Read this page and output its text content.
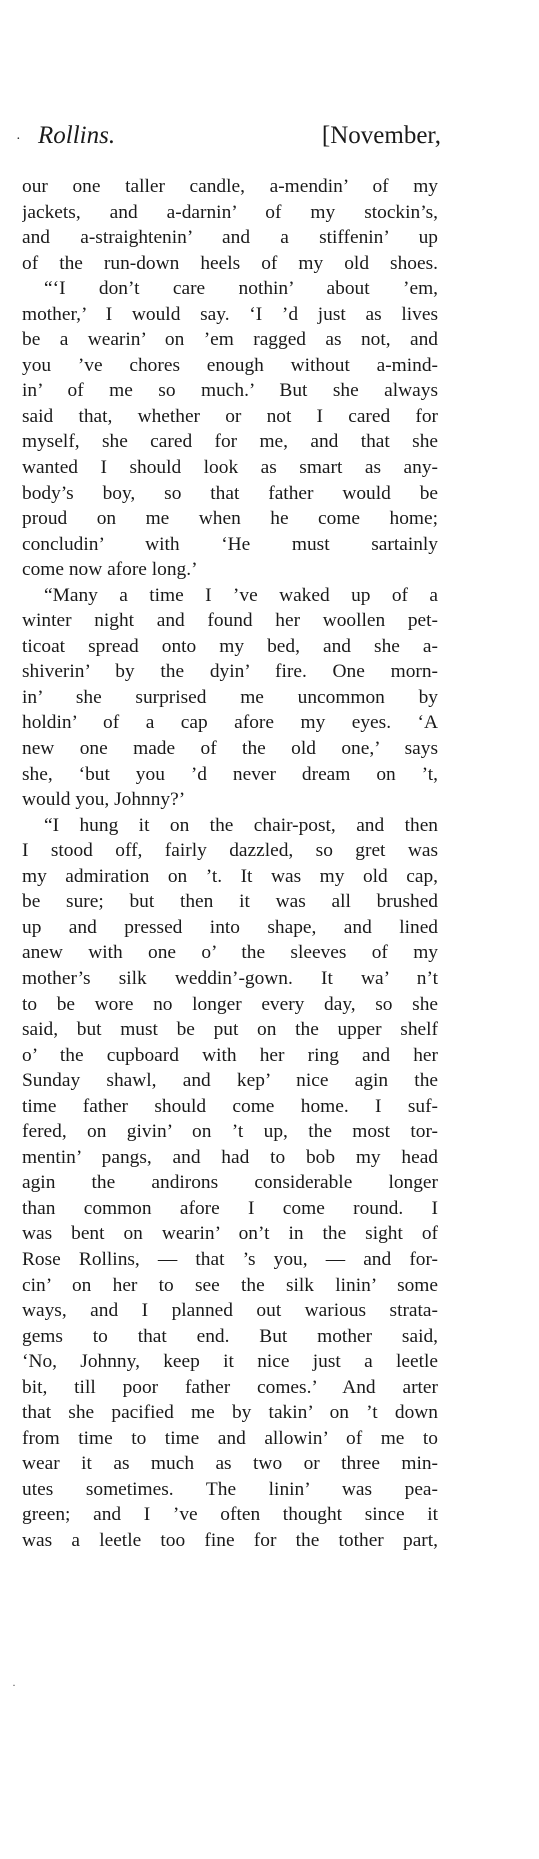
· Rollins.	[November,
our one taller candle, a-mendin’ of my
jackets, and a-darnin’ of my stockin’s,
and a-straightenin’ and a stiffenin’ up
of the run-down heels of my old shoes.
“‘I don’t care nothin’ about ’em,
mother,’ I would say. ‘I ’d just as lives
be a wearin’ on ’em ragged as not, and
you ’ve chores enough without a-mind-
in’ of me so much.’ But she always
said that, whether or not I cared for
myself, she cared for me, and that she
wanted I should look as smart as any-
body’s boy, so that father would be
proud on me when he come home;
concludin’ with ‘He must sartainly
come now afore long.’
“Many a time I ’ve waked up of a
winter night and found her woollen pet-
ticoat spread onto my bed, and she a-
shiverin’ by the dyin’ fire. One morn-
in’ she surprised me uncommon by
holdin’ of a cap afore my eyes. ‘A
new one made of the old one,’ says
she, ‘but you ’d never dream on ’t,
would you, Johnny?’
“I hung it on the chair-post, and then
I stood off, fairly dazzled, so gret was
my admiration on ’t. It was my old cap,
be sure; but then it was all brushed
up and pressed into shape, and lined
anew with one o’ the sleeves of my
mother’s silk weddin’-gown. It wa’ n’t
to be wore no longer every day, so she
said, but must be put on the upper shelf
o’ the cupboard with her ring and her
Sunday shawl, and kep’ nice agin the
time father should come home. I suf-
fered, on givin’ on ’t up, the most tor-
mentin’ pangs, and had to bob my head
agin the andirons considerable longer
than common afore I come round. I
was bent on wearin’ on’t in the sight of
Rose Rollins, — that ’s you, — and for-
cin’ on her to see the silk linin’ some
ways, and I planned out warious strata-
gems to that end. But mother said,
‘No, Johnny, keep it nice just a leetle
bit, till poor father comes.’ And arter
that she pacified me by takin’ on ’t down
from time to time and allowin’ of me to
wear it as much as two or three min-
utes sometimes. The linin’ was pea-
green; and I ’ve often thought since it
was a leetle too fine for the tother part,
·
